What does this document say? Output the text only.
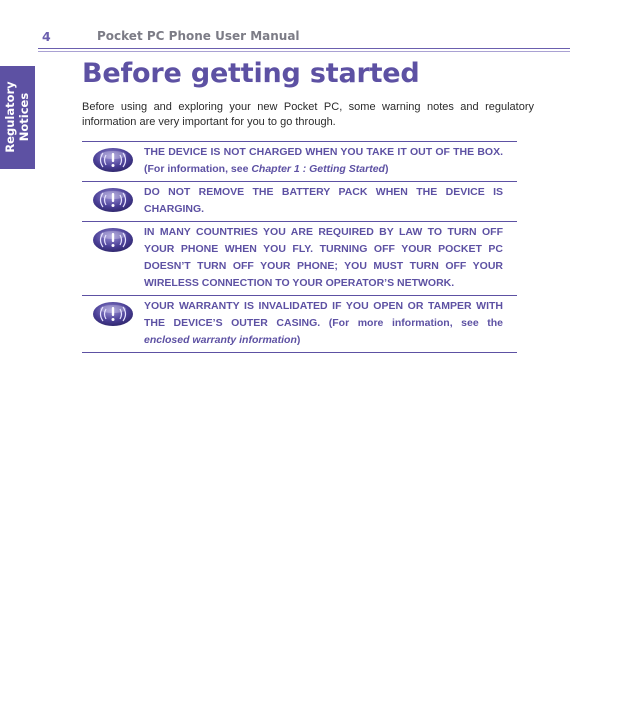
4	Pocket PC Phone User Manual
Regulatory Notices
Before getting started

Before using and exploring your new Pocket PC, some warning notes and regulatory information are very important for you to go through.

THE DEVICE IS NOT CHARGED WHEN YOU TAKE IT OUT OF THE BOX. (For information, see Chapter 1 : Getting Started)
DO NOT REMOVE THE BATTERY PACK WHEN THE DEVICE IS CHARGING.
IN MANY COUNTRIES YOU ARE REQUIRED BY LAW TO TURN OFF YOUR PHONE WHEN YOU FLY. TURNING OFF YOUR POCKET PC DOESN’T TURN OFF YOUR PHONE; YOU MUST TURN OFF YOUR WIRELESS CONNECTION TO YOUR OPERATOR’S NETWORK.
YOUR WARRANTY IS INVALIDATED IF YOU OPEN OR TAMPER WITH THE DEVICE’S OUTER CASING. (For more information, see the enclosed warranty information)
